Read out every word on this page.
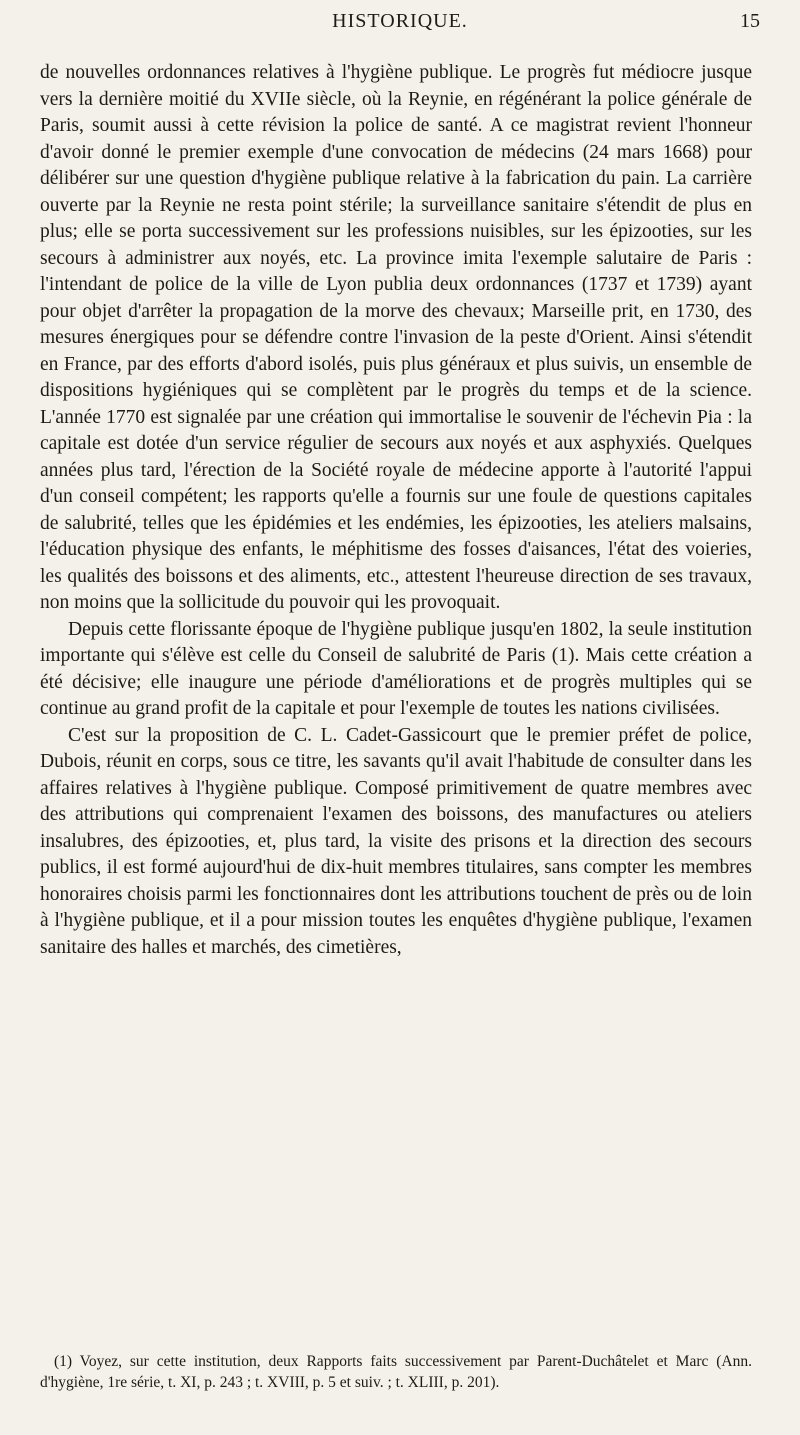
HISTORIQUE.	15

de nouvelles ordonnances relatives à l'hygiène publique. Le progrès fut médiocre jusque vers la dernière moitié du XVIIe siècle, où la Reynie, en régénérant la police générale de Paris, soumit aussi à cette révision la police de santé. A ce magistrat revient l'honneur d'avoir donné le premier exemple d'une convocation de médecins (24 mars 1668) pour délibérer sur une question d'hygiène publique relative à la fabrication du pain. La carrière ouverte par la Reynie ne resta point stérile; la surveillance sanitaire s'étendit de plus en plus; elle se porta successivement sur les professions nuisibles, sur les épizooties, sur les secours à administrer aux noyés, etc. La province imita l'exemple salutaire de Paris : l'intendant de police de la ville de Lyon publia deux ordonnances (1737 et 1739) ayant pour objet d'arrêter la propagation de la morve des chevaux; Marseille prit, en 1730, des mesures énergiques pour se défendre contre l'invasion de la peste d'Orient. Ainsi s'étendit en France, par des efforts d'abord isolés, puis plus généraux et plus suivis, un ensemble de dispositions hygiéniques qui se complètent par le progrès du temps et de la science. L'année 1770 est signalée par une création qui immortalise le souvenir de l'échevin Pia : la capitale est dotée d'un service régulier de secours aux noyés et aux asphyxiés. Quelques années plus tard, l'érection de la Société royale de médecine apporte à l'autorité l'appui d'un conseil compétent; les rapports qu'elle a fournis sur une foule de questions capitales de salubrité, telles que les épidémies et les endémies, les épizooties, les ateliers malsains, l'éducation physique des enfants, le méphitisme des fosses d'aisances, l'état des voieries, les qualités des boissons et des aliments, etc., attestent l'heureuse direction de ses travaux, non moins que la sollicitude du pouvoir qui les provoquait.

Depuis cette florissante époque de l'hygiène publique jusqu'en 1802, la seule institution importante qui s'élève est celle du Conseil de salubrité de Paris (1). Mais cette création a été décisive; elle inaugure une période d'améliorations et de progrès multiples qui se continue au grand profit de la capitale et pour l'exemple de toutes les nations civilisées.

C'est sur la proposition de C. L. Cadet-Gassicourt que le premier préfet de police, Dubois, réunit en corps, sous ce titre, les savants qu'il avait l'habitude de consulter dans les affaires relatives à l'hygiène publique. Composé primitivement de quatre membres avec des attributions qui comprenaient l'examen des boissons, des manufactures ou ateliers insalubres, des épizooties, et, plus tard, la visite des prisons et la direction des secours publics, il est formé aujourd'hui de dix-huit membres titulaires, sans compter les membres honoraires choisis parmi les fonctionnaires dont les attributions touchent de près ou de loin à l'hygiène publique, et il a pour mission toutes les enquêtes d'hygiène publique, l'examen sanitaire des halles et marchés, des cimetières,

(1) Voyez, sur cette institution, deux Rapports faits successivement par Parent-Duchâtelet et Marc (Ann. d'hygiène, 1re série, t. XI, p. 243 ; t. XVIII, p. 5 et suiv. ; t. XLIII, p. 201).
